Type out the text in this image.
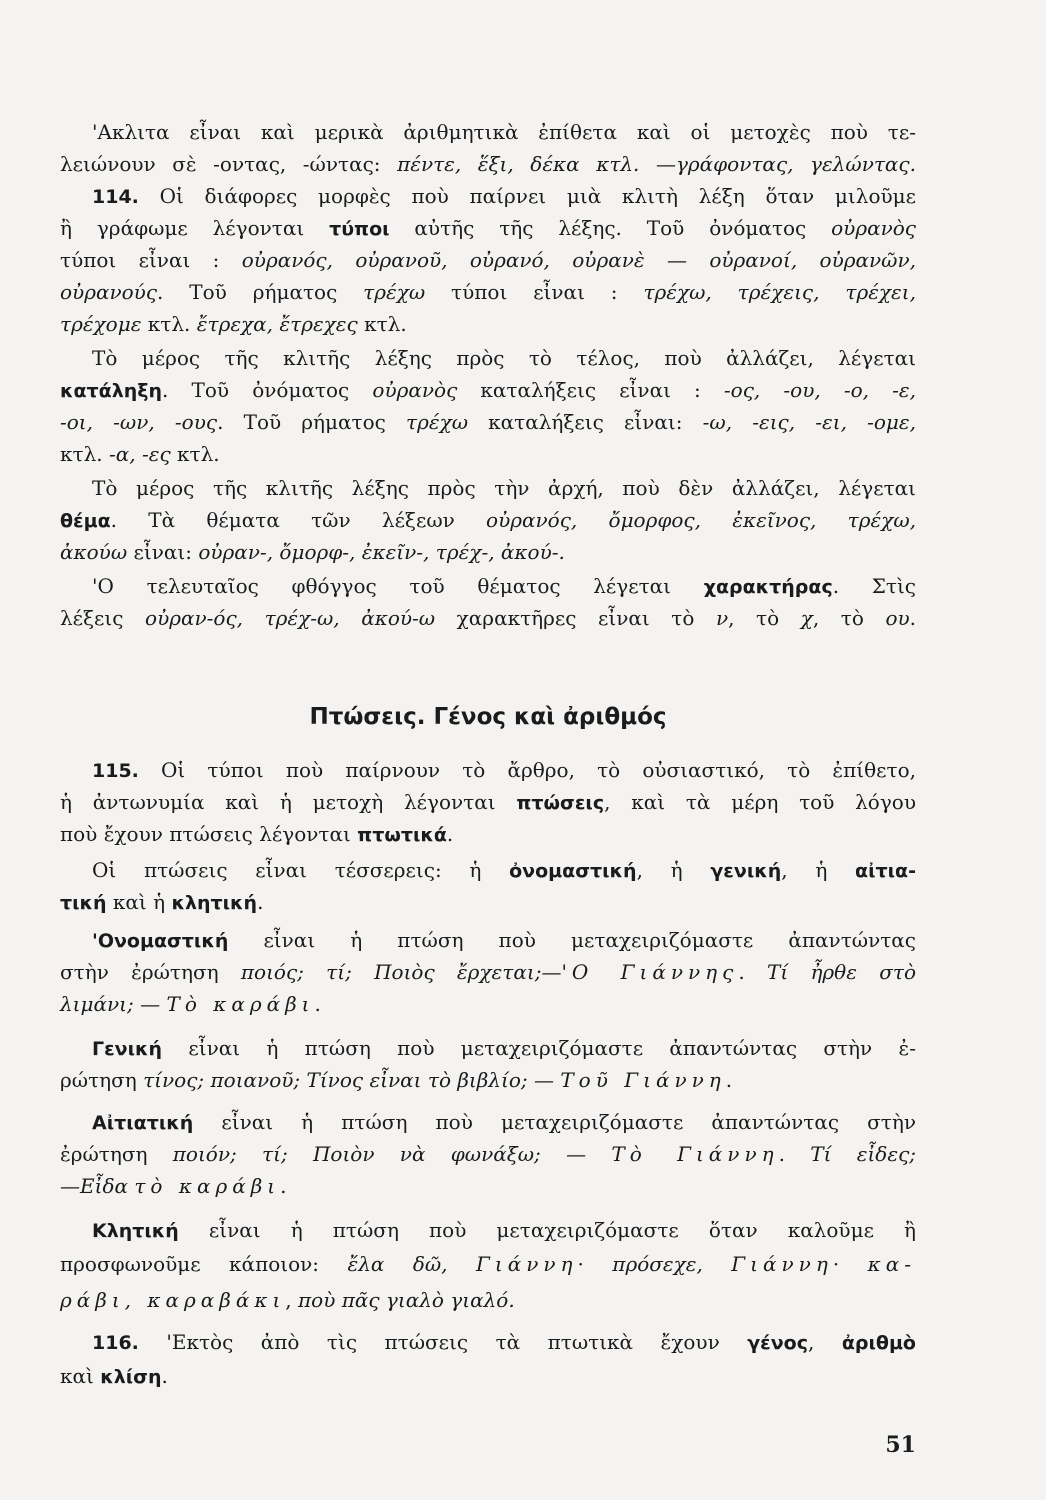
'Ακλιτα εἶναι καὶ μερικὰ ἀριθμητικὰ ἐπίθετα καὶ οἱ μετοχὲς ποὺ τε-
λειώνουν σὲ -οντας, -ώντας: πέντε, ἕξι, δέκα κτλ. —γράφοντας, γελώντας.
114. Οἱ διάφορες μορφὲς ποὺ παίρνει μιὰ κλιτὴ λέξη ὅταν μιλοῦμε
ἢ γράφωμε λέγονται τύποι αὐτῆς τῆς λέξης. Τοῦ ὀνόματος οὐρανὸς
τύποι εἶναι : οὐρανός, οὐρανοῦ, οὐρανό, οὐρανὲ — οὐρανοί, οὐρανῶν,
οὐρανούς. Τοῦ ρήματος τρέχω τύποι εἶναι : τρέχω, τρέχεις, τρέχει,
τρέχομε κτλ. ἔτρεχα, ἔτρεχες κτλ.
Τὸ μέρος τῆς κλιτῆς λέξης πρὸς τὸ τέλος, ποὺ ἀλλάζει, λέγεται
κατάληξη. Τοῦ ὀνόματος οὐρανὸς καταλήξεις εἶναι : -ος, -ου, -ο, -ε,
-οι, -ων, -ους. Τοῦ ρήματος τρέχω καταλήξεις εἶναι: -ω, -εις, -ει, -ομε,
κτλ. -α, -ες κτλ.
Τὸ μέρος τῆς κλιτῆς λέξης πρὸς τὴν ἀρχή, ποὺ δὲν ἀλλάζει, λέγεται
θέμα. Τὰ θέματα τῶν λέξεων οὐρανός, ὄμορφος, ἐκεῖνος, τρέχω,
ἀκούω εἶναι: οὐραν-, ὄμορφ-, ἐκεῖν-, τρέχ-, ἀκού-.
'Ο τελευταῖος φθόγγος τοῦ θέματος λέγεται χαρακτήρας. Στὶς
λέξεις οὐραν-ός, τρέχ-ω, ἀκού-ω χαρακτῆρες εἶναι τὸ ν, τὸ χ, τὸ ου.
Πτώσεις. Γένος καὶ ἀριθμός
115. Οἱ τύποι ποὺ παίρνουν τὸ ἄρθρο, τὸ οὐσιαστικό, τὸ ἐπίθετο,
ἡ ἀντωνυμία καὶ ἡ μετοχὴ λέγονται πτώσεις, καὶ τὰ μέρη τοῦ λόγου
ποὺ ἔχουν πτώσεις λέγονται πτωτικά.
Οἱ πτώσεις εἶναι τέσσερεις: ἡ ὀνομαστική, ἡ γενική, ἡ αἰτια-
τική καὶ ἡ κλητική.
'Ονομαστική εἶναι ἡ πτώση ποὺ μεταχειριζόμαστε ἀπαντώντας
στὴν ἐρώτηση ποιός; τί; Ποιὸς ἔρχεται;—'Ο Γιάννης. Τί ἦρθε στὸ
λιμάνι; — Τὸ καράβι.
Γενική εἶναι ἡ πτώση ποὺ μεταχειριζόμαστε ἀπαντώντας στὴν ἐ-
ρώτηση τίνος; ποιανοῦ; Τίνος εἶναι τὸ βιβλίο; — Τοῦ Γιάννη.
Αἰτιατική εἶναι ἡ πτώση ποὺ μεταχειριζόμαστε ἀπαντώντας στὴν
ἐρώτηση ποιόν; τί; Ποιὸν νὰ φωνάξω; — Τὸ Γιάννη. Τί εἶδες;
—Εἶδα τὸ καράβι.
Κλητική εἶναι ἡ πτώση ποὺ μεταχειριζόμαστε ὅταν καλοῦμε ἢ
προσφωνοῦμε κάποιον: ἔλα δῶ, Γιάννη· πρόσεχε, Γιάννη· κα-
ράβι, καραβάκι, ποὺ πᾶς γιαλὸ γιαλό.
116. 'Εκτὸς ἀπὸ τὶς πτώσεις τὰ πτωτικὰ ἔχουν γένος, ἀριθμὸ
καὶ κλίση.
51
